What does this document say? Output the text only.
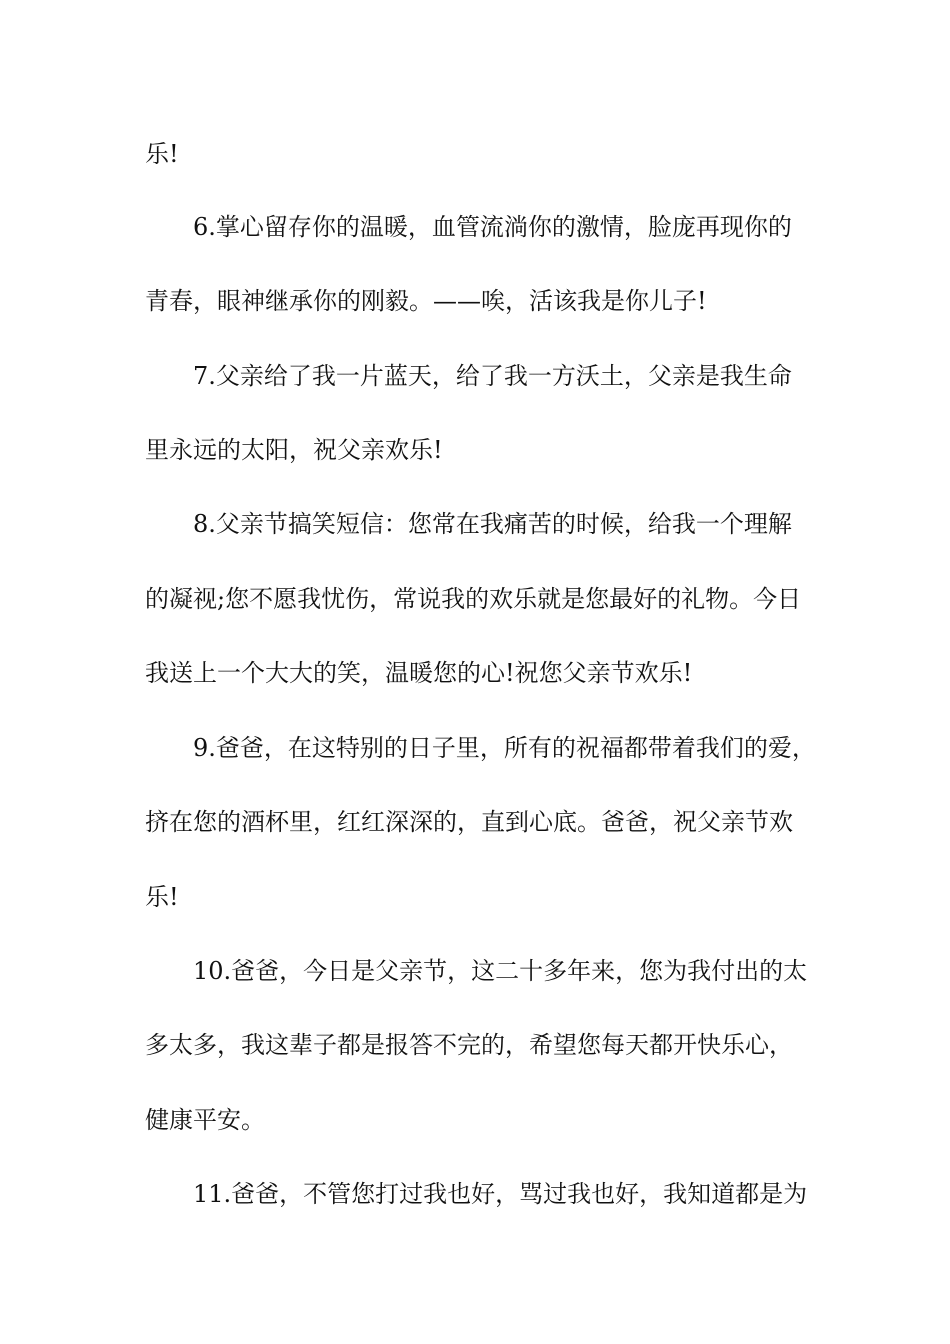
乐!
6.掌心留存你的温暖，血管流淌你的激情，脸庞再现你的
青春，眼神继承你的刚毅。——唉，活该我是你儿子!
7.父亲给了我一片蓝天，给了我一方沃土，父亲是我生命
里永远的太阳，祝父亲欢乐!
8.父亲节搞笑短信：您常在我痛苦的时候，给我一个理解
的凝视;您不愿我忧伤，常说我的欢乐就是您最好的礼物。今日
我送上一个大大的笑，温暖您的心!祝您父亲节欢乐!
9.爸爸，在这特别的日子里，所有的祝福都带着我们的爱，
挤在您的酒杯里，红红深深的，直到心底。爸爸，祝父亲节欢
乐!
10.爸爸，今日是父亲节，这二十多年来，您为我付出的太
多太多，我这辈子都是报答不完的，希望您每天都开快乐心，
健康平安。
11.爸爸，不管您打过我也好，骂过我也好，我知道都是为
